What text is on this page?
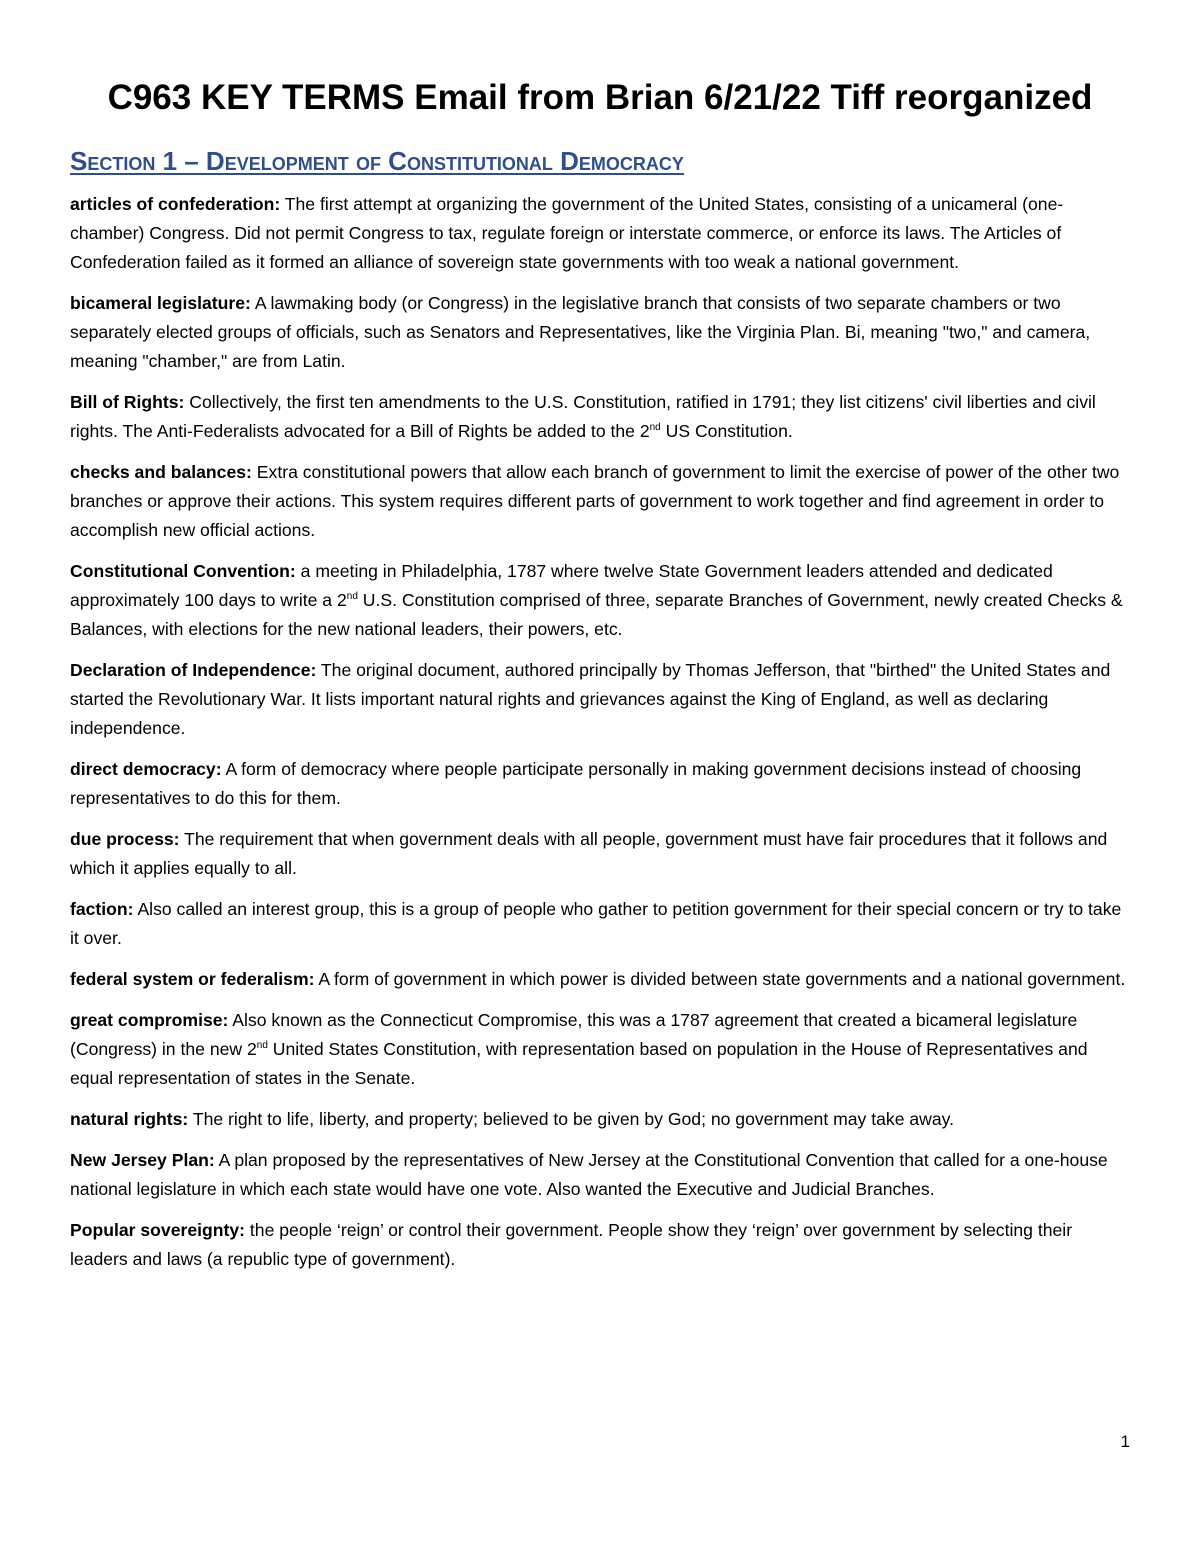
C963 KEY TERMS Email from Brian 6/21/22 Tiff reorganized
Section 1 – Development of Constitutional Democracy

articles of confederation: The first attempt at organizing the government of the United States, consisting of a unicameral (one-chamber) Congress. Did not permit Congress to tax, regulate foreign or interstate commerce, or enforce its laws. The Articles of Confederation failed as it formed an alliance of sovereign state governments with too weak a national government.

bicameral legislature: A lawmaking body (or Congress) in the legislative branch that consists of two separate chambers or two separately elected groups of officials, such as Senators and Representatives, like the Virginia Plan. Bi, meaning "two," and camera, meaning "chamber," are from Latin.

Bill of Rights: Collectively, the first ten amendments to the U.S. Constitution, ratified in 1791; they list citizens' civil liberties and civil rights. The Anti-Federalists advocated for a Bill of Rights be added to the 2nd US Constitution.

checks and balances: Extra constitutional powers that allow each branch of government to limit the exercise of power of the other two branches or approve their actions. This system requires different parts of government to work together and find agreement in order to accomplish new official actions.

Constitutional Convention: a meeting in Philadelphia, 1787 where twelve State Government leaders attended and dedicated approximately 100 days to write a 2nd U.S. Constitution comprised of three, separate Branches of Government, newly created Checks & Balances, with elections for the new national leaders, their powers, etc.

Declaration of Independence: The original document, authored principally by Thomas Jefferson, that "birthed" the United States and started the Revolutionary War. It lists important natural rights and grievances against the King of England, as well as declaring independence.

direct democracy: A form of democracy where people participate personally in making government decisions instead of choosing representatives to do this for them.

due process: The requirement that when government deals with all people, government must have fair procedures that it follows and which it applies equally to all.

faction: Also called an interest group, this is a group of people who gather to petition government for their special concern or try to take it over.

federal system or federalism: A form of government in which power is divided between state governments and a national government.

great compromise: Also known as the Connecticut Compromise, this was a 1787 agreement that created a bicameral legislature (Congress) in the new 2nd United States Constitution, with representation based on population in the House of Representatives and equal representation of states in the Senate.

natural rights: The right to life, liberty, and property; believed to be given by God; no government may take away.

New Jersey Plan: A plan proposed by the representatives of New Jersey at the Constitutional Convention that called for a one-house national legislature in which each state would have one vote. Also wanted the Executive and Judicial Branches.

Popular sovereignty: the people ‘reign’ or control their government. People show they ‘reign’ over government by selecting their leaders and laws (a republic type of government).

1
